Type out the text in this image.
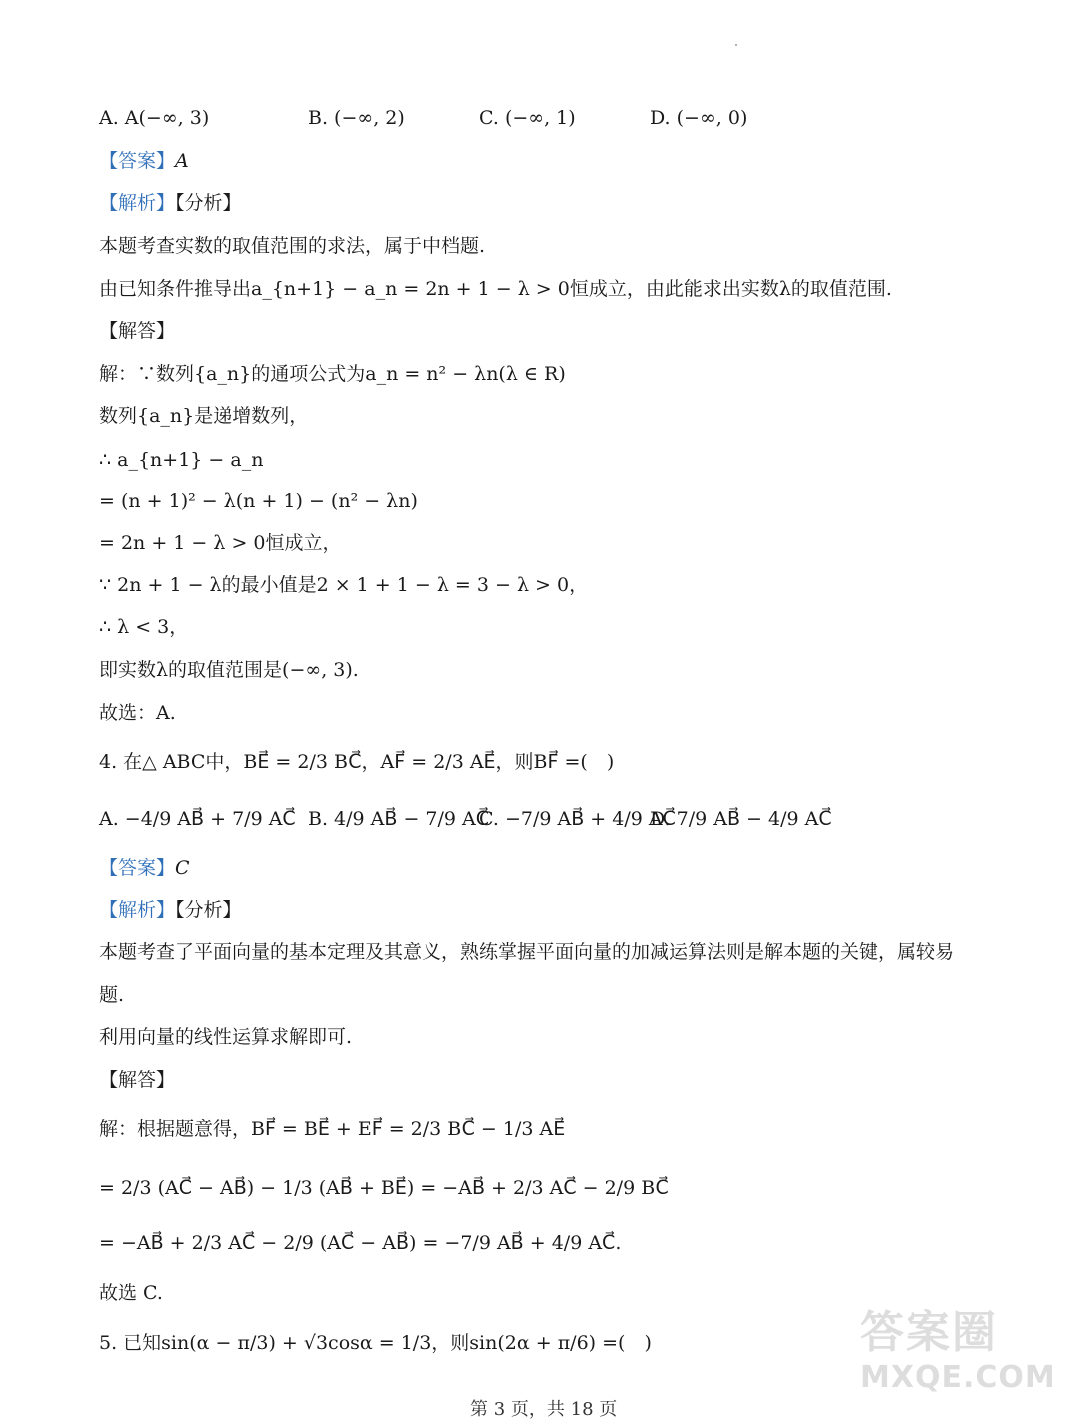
A. A(−∞, 3)	B. (−∞, 2)	C. (−∞, 1)	D. (−∞, 0)
【答案】A
【解析】【分析】
本题考查实数的取值范围的求法，属于中档题.
由已知条件推导出a_{n+1} − a_n = 2n + 1 − λ > 0恒成立，由此能求出实数λ的取值范围.
【解答】
解：∵数列{a_n}的通项公式为a_n = n² − λn(λ ∈ R)
数列{a_n}是递增数列，
∴ a_{n+1} − a_n
= (n + 1)² − λ(n + 1) − (n² − λn)
= 2n + 1 − λ > 0恒成立，
∵ 2n + 1 − λ的最小值是2 × 1 + 1 − λ = 3 − λ > 0，
∴ λ < 3，
即实数λ的取值范围是(−∞, 3).
故选：A.
4. 在△ ABC中，BE⃗ = 2/3 BC⃗，AF⃗ = 2/3 AE⃗，则BF⃗ =(　)
A. −4/9 AB⃗ + 7/9 AC⃗ B. 4/9 AB⃗ − 7/9 AC⃗
C. −7/9 AB⃗ + 4/9 AC⃗
D. 7/9 AB⃗ − 4/9 AC⃗
【答案】C
【解析】【分析】
本题考查了平面向量的基本定理及其意义，熟练掌握平面向量的加减运算法则是解本题的关键，属较易
题.
利用向量的线性运算求解即可.
【解答】
解：根据题意得，BF⃗ = BE⃗ + EF⃗ = 2/3 BC⃗ − 1/3 AE⃗
= 2/3 (AC⃗ − AB⃗) − 1/3 (AB⃗ + BE⃗) = −AB⃗ + 2/3 AC⃗ − 2/9 BC⃗
= −AB⃗ + 2/3 AC⃗ − 2/9 (AC⃗ − AB⃗) = −7/9 AB⃗ + 4/9 AC⃗.
故选 C.
5. 已知sin(α − π/3) + √3cosα = 1/3，则sin(2α + π/6) =(　)	答案圈
MXQE.COM
第 3 页，共 18 页
